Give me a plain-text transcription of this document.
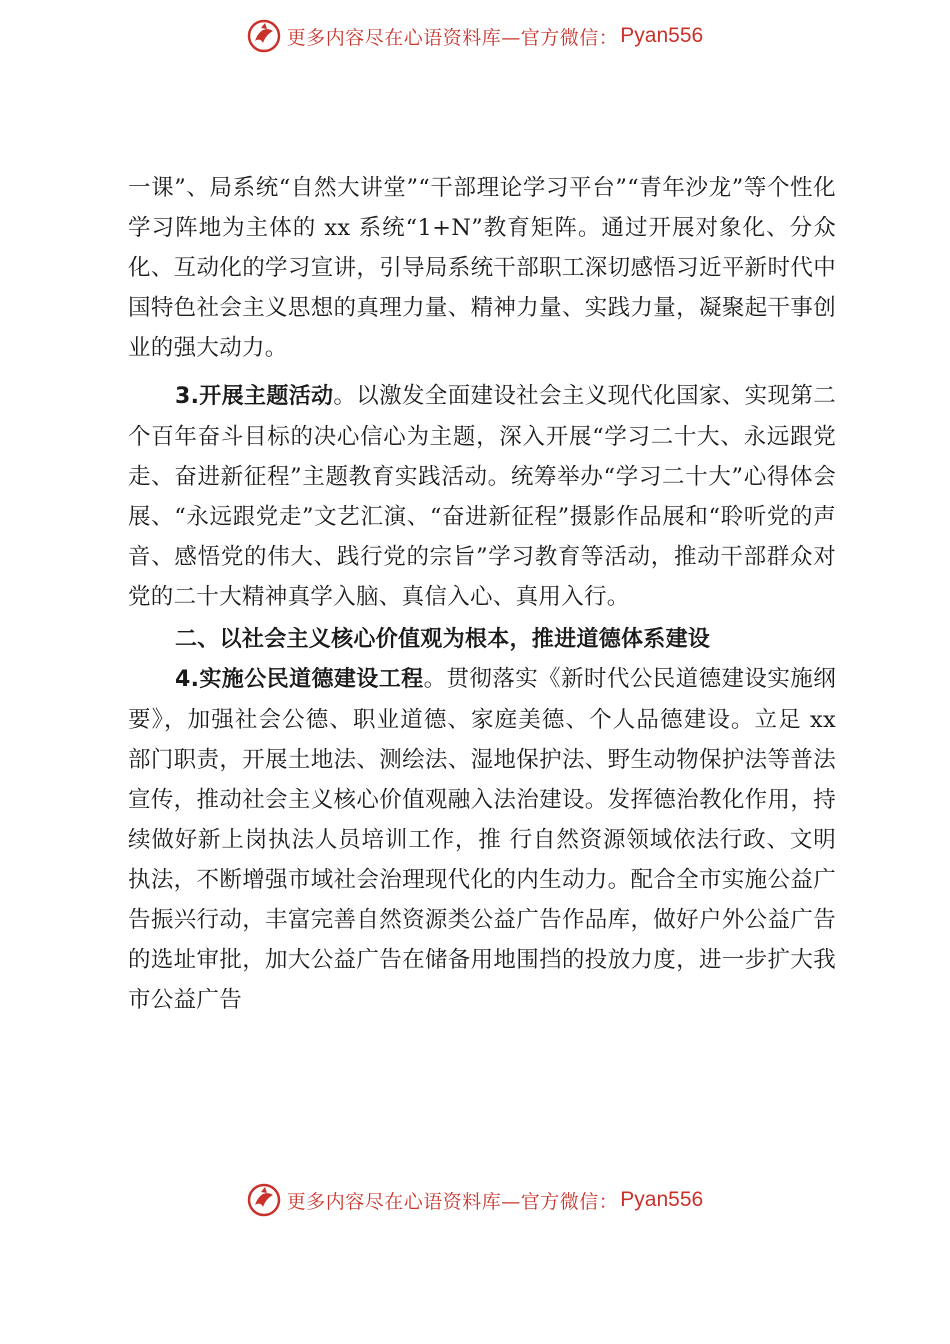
更多内容尽在心语资料库—官方微信： Pyan556

一课”、局系统“自然大讲堂”“干部理论学习平台”“青年沙龙”等个性化学习阵地为主体的 xx 系统“1+N”教育矩阵。通过开展对象化、分众化、互动化的学习宣讲，引导局系统干部职工深切感悟习近平新时代中国特色社会主义思想的真理力量、精神力量、实践力量，凝聚起干事创业的强大动力。

3.开展主题活动。以激发全面建设社会主义现代化国家、实现第二个百年奋斗目标的决心信心为主题，深入开展“学习二十大、永远跟党走、奋进新征程”主题教育实践活动。统筹举办“学习二十大”心得体会展、“永远跟党走”文艺汇演、“奋进新征程”摄影作品展和“聆听党的声音、感悟党的伟大、践行党的宗旨”学习教育等活动，推动干部群众对党的二十大精神真学入脑、真信入心、真用入行。

二、以社会主义核心价值观为根本，推进道德体系建设

4.实施公民道德建设工程。贯彻落实《新时代公民道德建设实施纲要》，加强社会公德、职业道德、家庭美德、个人品德建设。立足 xx 部门职责，开展土地法、测绘法、湿地保护法、野生动物保护法等普法宣传，推动社会主义核心价值观融入法治建设。发挥德治教化作用，持续做好新上岗执法人员培训工作，推 行自然资源领域依法行政、文明执法，不断增强市域社会治理现代化的内生动力。配合全市实施公益广告振兴行动，丰富完善自然资源类公益广告作品库，做好户外公益广告的选址审批，加大公益广告在储备用地围挡的投放力度，进一步扩大我市公益广告

更多内容尽在心语资料库—官方微信： Pyan556
